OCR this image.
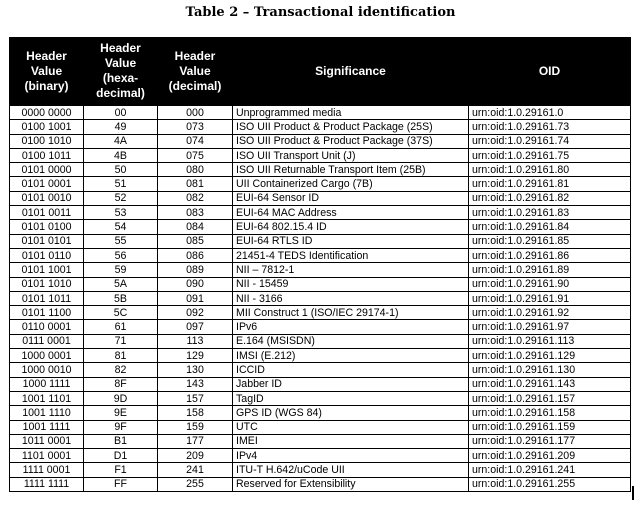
Table 2 – Transactional identification
Header
Value
(binary)	Header
Value
(hexa-
decimal)	Header
Value
(decimal)	Significance	OID

0000 0000	00	000	Unprogrammed media	urn:oid:1.0.29161.0
0100 1001	49	073	ISO UII Product & Product Package (25S)	urn:oid:1.0.29161.73
0100 1010	4A	074	ISO UII Product & Product Package (37S)	urn:oid:1.0.29161.74
0100 1011	4B	075	ISO UII Transport Unit (J)	urn:oid:1.0.29161.75
0101 0000	50	080	ISO UII Returnable Transport Item (25B)	urn:oid:1.0.29161.80
0101 0001	51	081	UII Containerized Cargo (7B)	urn:oid:1.0.29161.81
0101 0010	52	082	EUI-64 Sensor ID	urn:oid:1.0.29161.82
0101 0011	53	083	EUI-64 MAC Address	urn:oid:1.0.29161.83
0101 0100	54	084	EUI-64 802.15.4 ID	urn:oid:1.0.29161.84
0101 0101	55	085	EUI-64 RTLS ID	urn:oid:1.0.29161.85
0101 0110	56	086	21451-4 TEDS Identification	urn:oid:1.0.29161.86
0101 1001	59	089	NII – 7812-1	urn:oid:1.0.29161.89
0101 1010	5A	090	NII - 15459	urn:oid:1.0.29161.90
0101 1011	5B	091	NII - 3166	urn:oid:1.0.29161.91
0101 1100	5C	092	MII Construct 1 (ISO/IEC 29174-1)	urn:oid:1.0.29161.92
0110 0001	61	097	IPv6	urn:oid:1.0.29161.97
0111 0001	71	113	E.164 (MSISDN)	urn:oid:1.0.29161.113
1000 0001	81	129	IMSI (E.212)	urn:oid:1.0.29161.129
1000 0010	82	130	ICCID	urn:oid:1.0.29161.130
1000 1111	8F	143	Jabber ID	urn:oid:1.0.29161.143
1001 1101	9D	157	TagID	urn:oid:1.0.29161.157
1001 1110	9E	158	GPS ID (WGS 84)	urn:oid:1.0.29161.158
1001 1111	9F	159	UTC	urn:oid:1.0.29161.159
1011 0001	B1	177	IMEI	urn:oid:1.0.29161.177
1101 0001	D1	209	IPv4	urn:oid:1.0.29161.209
1111 0001	F1	241	ITU-T H.642/uCode UII	urn:oid:1.0.29161.241
1111 1111	FF	255	Reserved for Extensibility	urn:oid:1.0.29161.255
